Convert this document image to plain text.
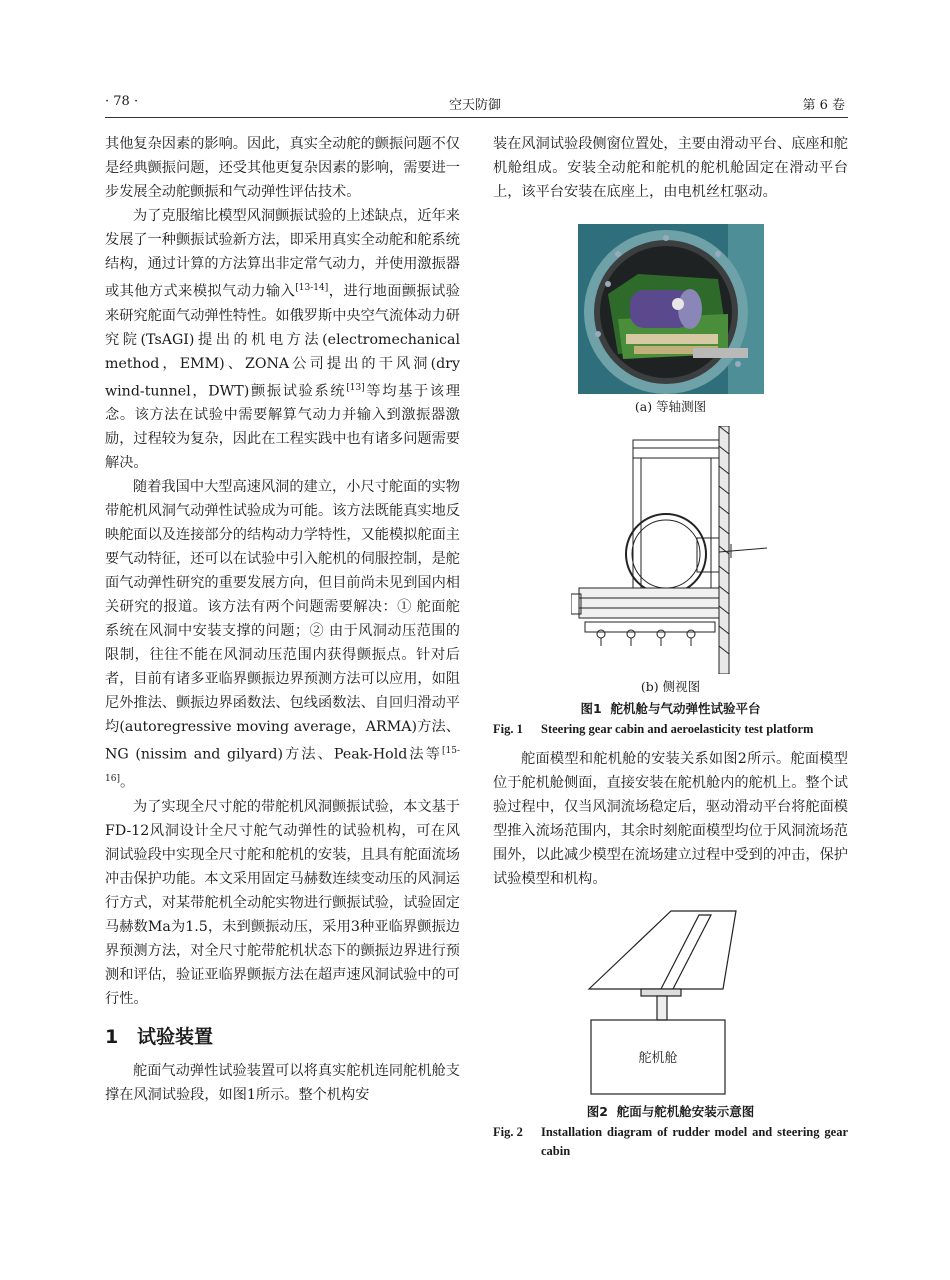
· 78 ·	空天防御	第 6 卷

其他复杂因素的影响。因此，真实全动舵的颤振问题不仅是经典颤振问题，还受其他更复杂因素的影响，需要进一步发展全动舵颤振和气动弹性评估技术。

为了克服缩比模型风洞颤振试验的上述缺点，近年来发展了一种颤振试验新方法，即采用真实全动舵和舵系统结构，通过计算的方法算出非定常气动力，并使用激振器或其他方式来模拟气动力输入[13-14]，进行地面颤振试验来研究舵面气动弹性特性。如俄罗斯中央空气流体动力研究院(TsAGI)提出的机电方法(electromechanical method，EMM)、ZONA公司提出的干风洞(dry wind-tunnel，DWT)颤振试验系统[13]等均基于该理念。该方法在试验中需要解算气动力并输入到激振器激励，过程较为复杂，因此在工程实践中也有诸多问题需要解决。

随着我国中大型高速风洞的建立，小尺寸舵面的实物带舵机风洞气动弹性试验成为可能。该方法既能真实地反映舵面以及连接部分的结构动力学特性，又能模拟舵面主要气动特征，还可以在试验中引入舵机的伺服控制，是舵面气动弹性研究的重要发展方向，但目前尚未见到国内相关研究的报道。该方法有两个问题需要解决：① 舵面舵系统在风洞中安装支撑的问题；② 由于风洞动压范围的限制，往往不能在风洞动压范围内获得颤振点。针对后者，目前有诸多亚临界颤振边界预测方法可以应用，如阻尼外推法、颤振边界函数法、包线函数法、自回归滑动平均(autoregressive moving average，ARMA)方法、NG (nissim and gilyard)方法、Peak-Hold法等[15-16]。

为了实现全尺寸舵的带舵机风洞颤振试验，本文基于FD-12风洞设计全尺寸舵气动弹性的试验机构，可在风洞试验段中实现全尺寸舵和舵机的安装，且具有舵面流场冲击保护功能。本文采用固定马赫数连续变动压的风洞运行方式，对某带舵机全动舵实物进行颤振试验，试验固定马赫数Ma为1.5，未到颤振动压，采用3种亚临界颤振边界预测方法，对全尺寸舵带舵机状态下的颤振边界进行预测和评估，验证亚临界颤振方法在超声速风洞试验中的可行性。

1 试验装置

舵面气动弹性试验装置可以将真实舵机连同舵机舱支撑在风洞试验段，如图1所示。整个机构安

装在风洞试验段侧窗位置处，主要由滑动平台、底座和舵机舱组成。安装全动舵和舵机的舵机舱固定在滑动平台上，该平台安装在底座上，由电机丝杠驱动。

(a) 等轴测图
(b) 侧视图
图1 舵机舱与气动弹性试验平台
Fig. 1 Steering gear cabin and aeroelasticity test platform

舵面模型和舵机舱的安装关系如图2所示。舵面模型位于舵机舱侧面，直接安装在舵机舱内的舵机上。整个试验过程中，仅当风洞流场稳定后，驱动滑动平台将舵面模型推入流场范围内，其余时刻舵面模型均位于风洞流场范围外，以此减少模型在流场建立过程中受到的冲击，保护试验模型和机构。

舵机舱
图2 舵面与舵机舱安装示意图
Fig. 2	Installation diagram of rudder model and steering gear cabin
